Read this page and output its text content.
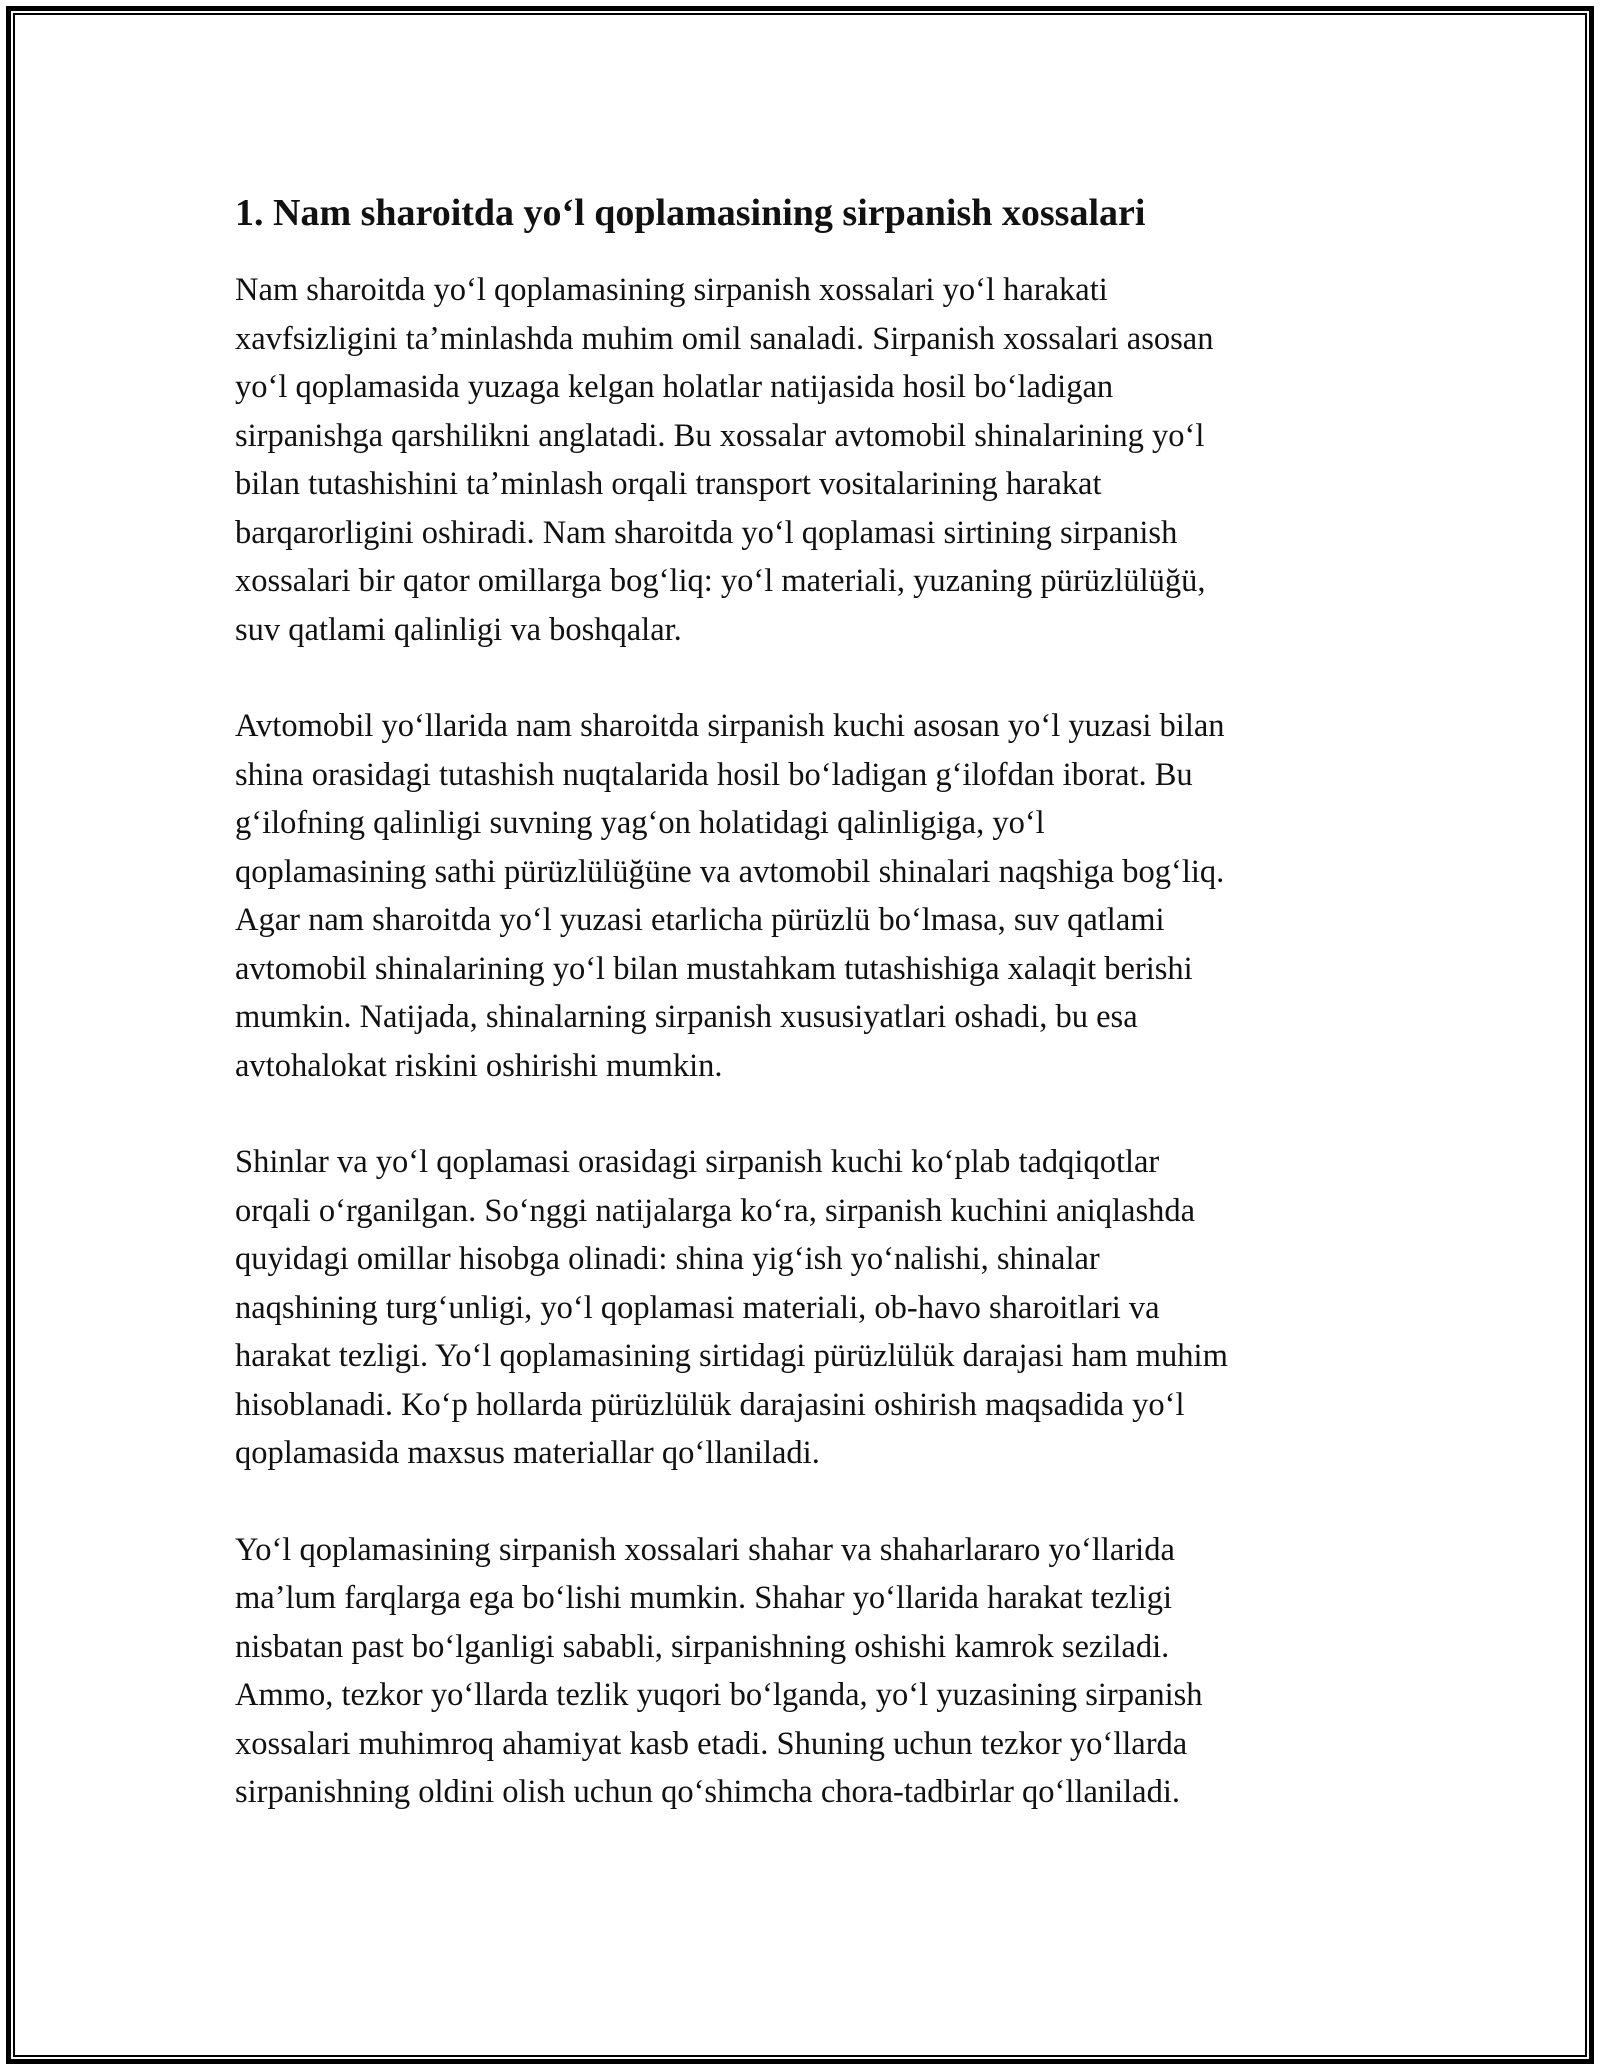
1. Nam sharoitda yoʻl qoplamasining sirpanish xossalari

Nam sharoitda yoʻl qoplamasining sirpanish xossalari yoʻl harakati
xavfsizligini taʼminlashda muhim omil sanaladi. Sirpanish xossalari asosan
yoʻl qoplamasida yuzaga kelgan holatlar natijasida hosil boʻladigan
sirpanishga qarshilikni anglatadi. Bu xossalar avtomobil shinalarining yoʻl
bilan tutashishini taʼminlash orqali transport vositalarining harakat
barqarorligini oshiradi. Nam sharoitda yoʻl qoplamasi sirtining sirpanish
xossalari bir qator omillarga bogʻliq: yoʻl materiali, yuzaning pürüzlülüğü,
suv qatlami qalinligi va boshqalar.

Avtomobil yoʻllarida nam sharoitda sirpanish kuchi asosan yoʻl yuzasi bilan
shina orasidagi tutashish nuqtalarida hosil boʻladigan gʻilofdan iborat. Bu
gʻilofning qalinligi suvning yagʻon holatidagi qalinligiga, yoʻl
qoplamasining sathi pürüzlülüğüne va avtomobil shinalari naqshiga bogʻliq.
Agar nam sharoitda yoʻl yuzasi etarlicha pürüzlü boʻlmasa, suv qatlami
avtomobil shinalarining yoʻl bilan mustahkam tutashishiga xalaqit berishi
mumkin. Natijada, shinalarning sirpanish xususiyatlari oshadi, bu esa
avtohalokat riskini oshirishi mumkin.

Shinlar va yoʻl qoplamasi orasidagi sirpanish kuchi koʻplab tadqiqotlar
orqali oʻrganilgan. Soʻnggi natijalarga koʻra, sirpanish kuchini aniqlashda
quyidagi omillar hisobga olinadi: shina yigʻish yoʻnalishi, shinalar
naqshining turgʻunligi, yoʻl qoplamasi materiali, ob-havo sharoitlari va
harakat tezligi. Yoʻl qoplamasining sirtidagi pürüzlülük darajasi ham muhim
hisoblanadi. Koʻp hollarda pürüzlülük darajasini oshirish maqsadida yoʻl
qoplamasida maxsus materiallar qoʻllaniladi.

Yoʻl qoplamasining sirpanish xossalari shahar va shaharlararo yoʻllarida
maʼlum farqlarga ega boʻlishi mumkin. Shahar yoʻllarida harakat tezligi
nisbatan past boʻlganligi sababli, sirpanishning oshishi kamrok seziladi.
Ammo, tezkor yoʻllarda tezlik yuqori boʻlganda, yoʻl yuzasining sirpanish
xossalari muhimroq ahamiyat kasb etadi. Shuning uchun tezkor yoʻllarda
sirpanishning oldini olish uchun qoʻshimcha chora-tadbirlar qoʻllaniladi.
